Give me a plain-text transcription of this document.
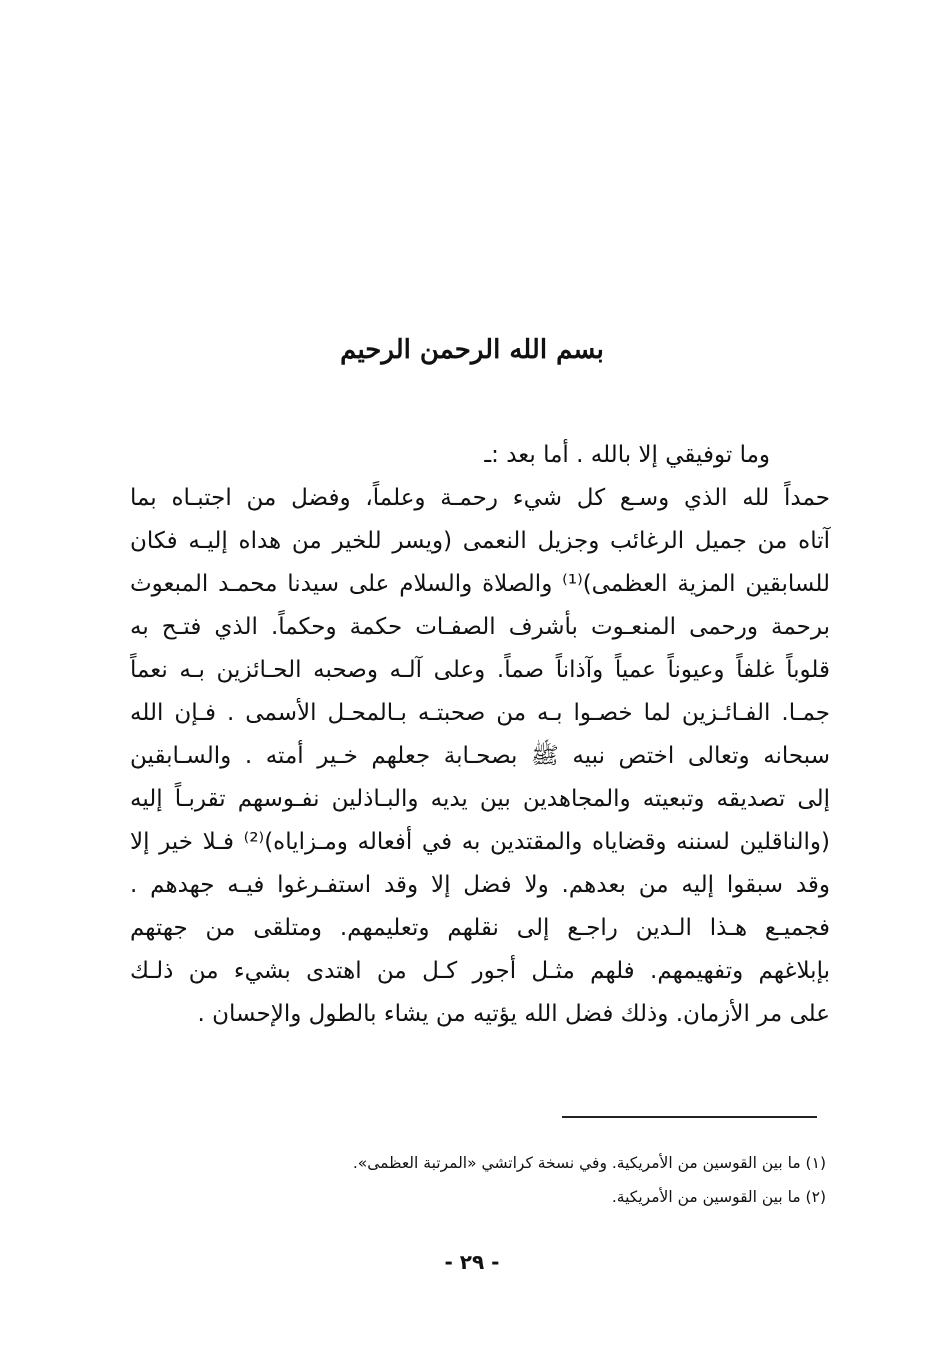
بسم الله الرحمن الرحيم
وما توفيقي إلا بالله . أما بعد :ـ
حمداً لله الذي وسـع كل شيء رحمـة وعلماً، وفضل من اجتبـاه بما
آتاه من جميل الرغائب وجزيل النعمى (ويسر للخير من هداه إليـه فكان
للسابقين المزية العظمى)⁽¹⁾ والصلاة والسلام على سيدنا محمـد المبعوث
برحمة ورحمى المنعـوت بأشرف الصفـات حكمة وحكماً. الذي فتـح به
قلوباً غلفاً وعيوناً عمياً وآذاناً صماً. وعلى آلـه وصحبه الحـائزين بـه نعماً
جمـا. الفـائـزين لما خصـوا بـه من صحبتـه بـالمحـل الأسمى . فـإن الله
سبحانه وتعالى اختص نبيه ﷺ بصحـابة جعلهم خـير أمته . والسـابقين
إلى تصديقه وتبعيته والمجاهدين بين يديه والبـاذلين نفـوسهم تقربـاً إليه
(والناقلين لسننه وقضاياه والمقتدين به في أفعاله ومـزاياه)⁽²⁾ فـلا خير إلا
وقد سبقوا إليه من بعدهم. ولا فضل إلا وقد استفـرغوا فيـه جهدهم .
فجميـع هـذا الـدين راجـع إلى نقلهم وتعليمهم. ومتلقى من جهتهم
بإبلاغهم وتفهيمهم. فلهم مثـل أجور كـل من اهتدى بشيء من ذلـك
على مر الأزمان. وذلك فضل الله يؤتيه من يشاء بالطول والإحسان .
(١) ما بين القوسين من الأمريكية. وفي نسخة كراتشي «المرتبة العظمى».
(٢) ما بين القوسين من الأمريكية.
- ٢٩ -
